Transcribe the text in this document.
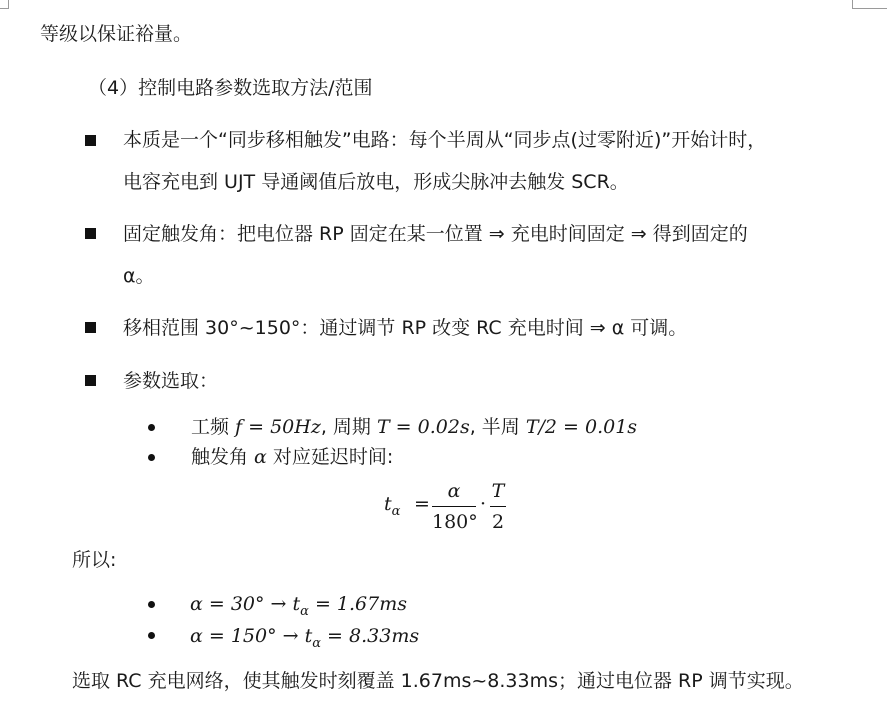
等级以保证裕量。
（4）控制电路参数选取方法/范围
本质是一个“同步移相触发”电路：每个半周从“同步点(过零附近)”开始计时，
电容充电到 UJT 导通阈值后放电，形成尖脉冲去触发 SCR。
固定触发角：把电位器 RP 固定在某一位置 ⇒ 充电时间固定 ⇒ 得到固定的
α。
移相范围 30°~150°：通过调节 RP 改变 RC 充电时间 ⇒ α 可调。
参数选取：
工频 f = 50Hz, 周期 T = 0.02s, 半周 T/2 = 0.01s
触发角 α 对应延迟时间:
$t_\alpha$ =
α
180°
·
T
2
所以:
$\alpha = 30^\circ \to t_\alpha = 1.67ms$
$\alpha = 150^\circ \to t_\alpha = 8.33ms$
选取 RC 充电网络，使其触发时刻覆盖 1.67ms~8.33ms；通过电位器 RP 调节实现。
